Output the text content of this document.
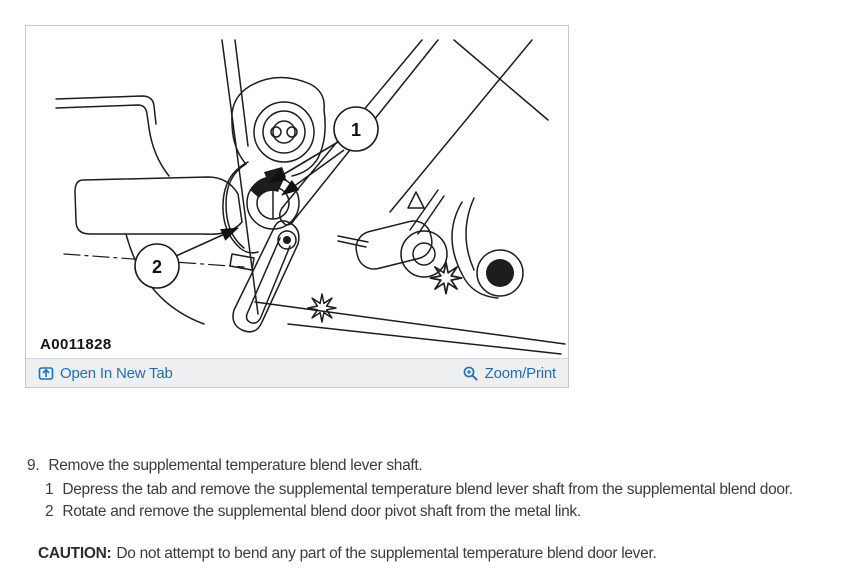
1
2
A0011828
Open In New Tab	Zoom/Print
9. Remove the supplemental temperature blend lever shaft.
1 Depress the tab and remove the supplemental temperature blend lever shaft from the supplemental blend door.
2 Rotate and remove the supplemental blend door pivot shaft from the metal link.
CAUTION: Do not attempt to bend any part of the supplemental temperature blend door lever.
